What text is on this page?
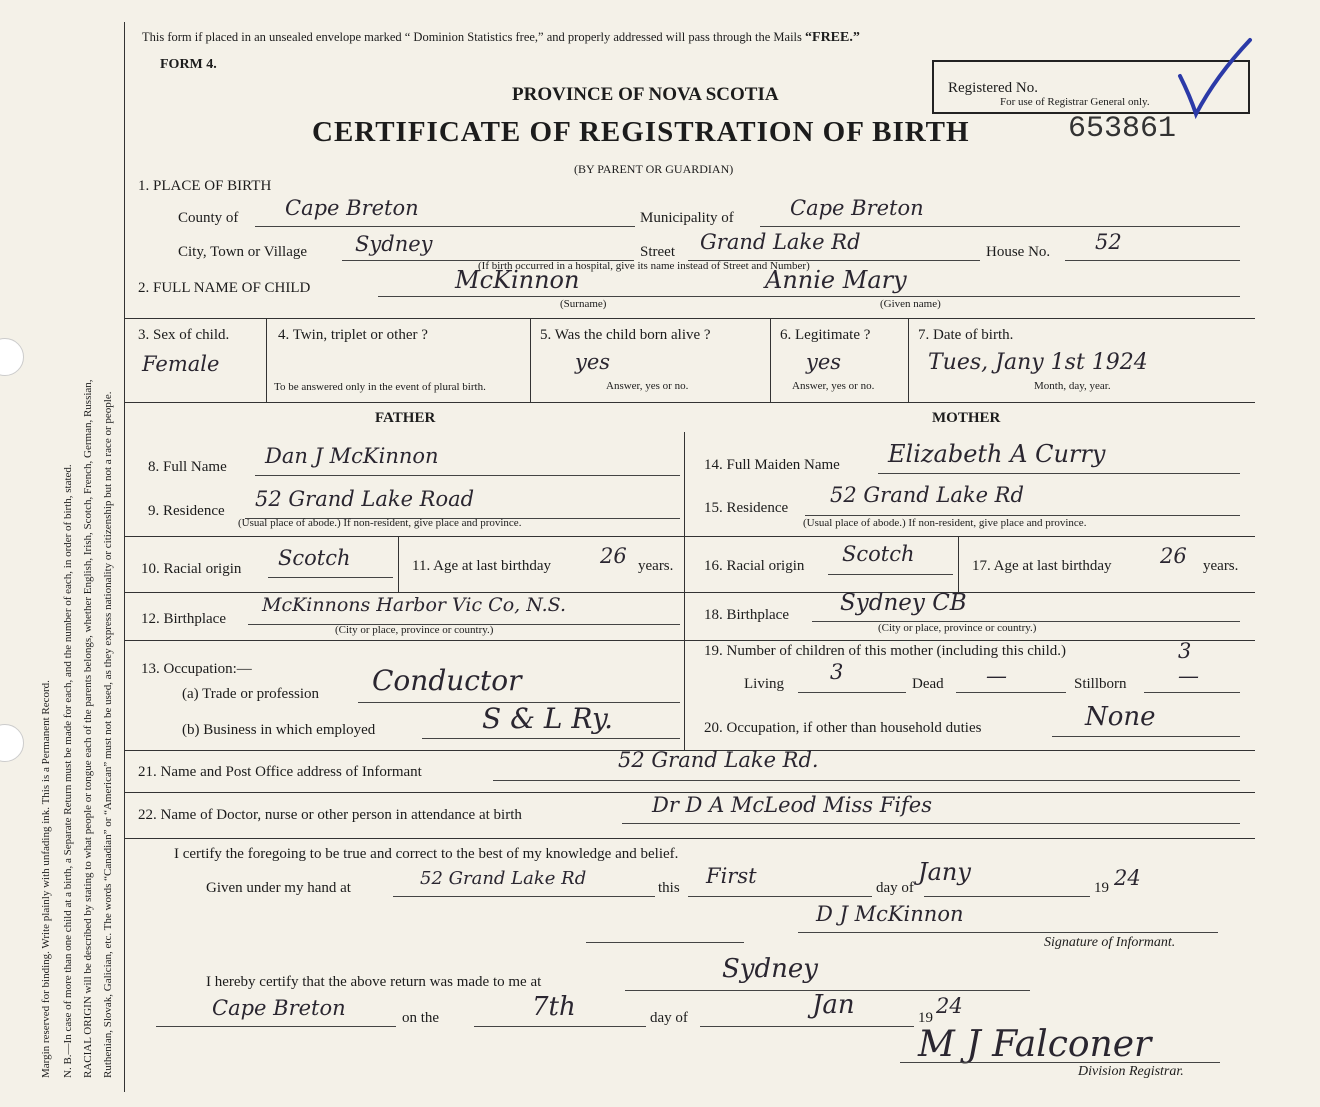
Margin reserved for binding. Write plainly with unfading ink. This is a Permanent Record. N. B.—In case of more than one child at a birth, a Separate Return must be made for each, and the number of each, in order of birth, stated. RACIAL ORIGIN will be described by stating to what people or tongue each of the parents belongs, whether English, Irish, Scotch, French, German, Russian, Ruthenian, Slovak, Galician, etc. The words “Canadian” or “American” must not be used, as they express nationality or citizenship but not a race or people.
This form if placed in an unsealed envelope marked “ Dominion Statistics free,” and properly addressed will pass through the Mails “FREE.”
FORM 4.
PROVINCE OF NOVA SCOTIA
CERTIFICATE OF REGISTRATION OF BIRTH
(BY PARENT OR GUARDIAN)
Registered No.
For use of Registrar General only.
653861
1. PLACE OF BIRTH
County of Cape Breton	Municipality of	Cape Breton
City, Town or Village Sydney	Street Grand Lake Rd	House No. 52
(If birth occurred in a hospital, give its name instead of Street and Number)
2. FULL NAME OF CHILD	McKinnon	Annie Mary
(Surname)	(Given name)
3. Sex of child.
Female
4. Twin, triplet or other ?
To be answered only in the event of plural birth.
5. Was the child born alive ?
yes
Answer, yes or no.
6. Legitimate ?
yes
Answer, yes or no.
7. Date of birth.
Tues, Jany 1st 1924
Month, day, year.
FATHER	MOTHER
8. Full Name Dan J McKinnon
9. Residence 52 Grand Lake Road
(Usual place of abode.) If non-resident, give place and province.
10. Racial origin Scotch	11. Age at last birthday 26 years.
12. Birthplace
McKinnons Harbor Vic Co, N.S.
(City or place, province or country.)
13. Occupation:—
(a) Trade or profession Conductor
(b) Business in which employed	S & L Ry.
14. Full Maiden Name Elizabeth A Curry
15. Residence
52 Grand Lake Rd
(Usual place of abode.) If non-resident, give place and province.
16. Racial origin Scotch	17. Age at last birthday 26 years.
18. Birthplace Sydney CB
(City or place, province or country.)
19. Number of children of this mother (including this child.)	3
Living 3	Dead —	Stillborn —
20. Occupation, if other than household duties	None
21. Name and Post Office address of Informant	52 Grand Lake Rd.
22. Name of Doctor, nurse or other person in attendance at birth	Dr D A McLeod Miss Fifes
I certify the foregoing to be true and correct to the best of my knowledge and belief.
Given under my hand at	52 Grand Lake Rd	this First	day of
Jany
19 24
D J McKinnon
Signature of Informant.
I hereby certify that the above return was made to me at	Sydney
Cape Breton	on the	7th	day of	Jan	19 24
M J Falconer
Division Registrar.
